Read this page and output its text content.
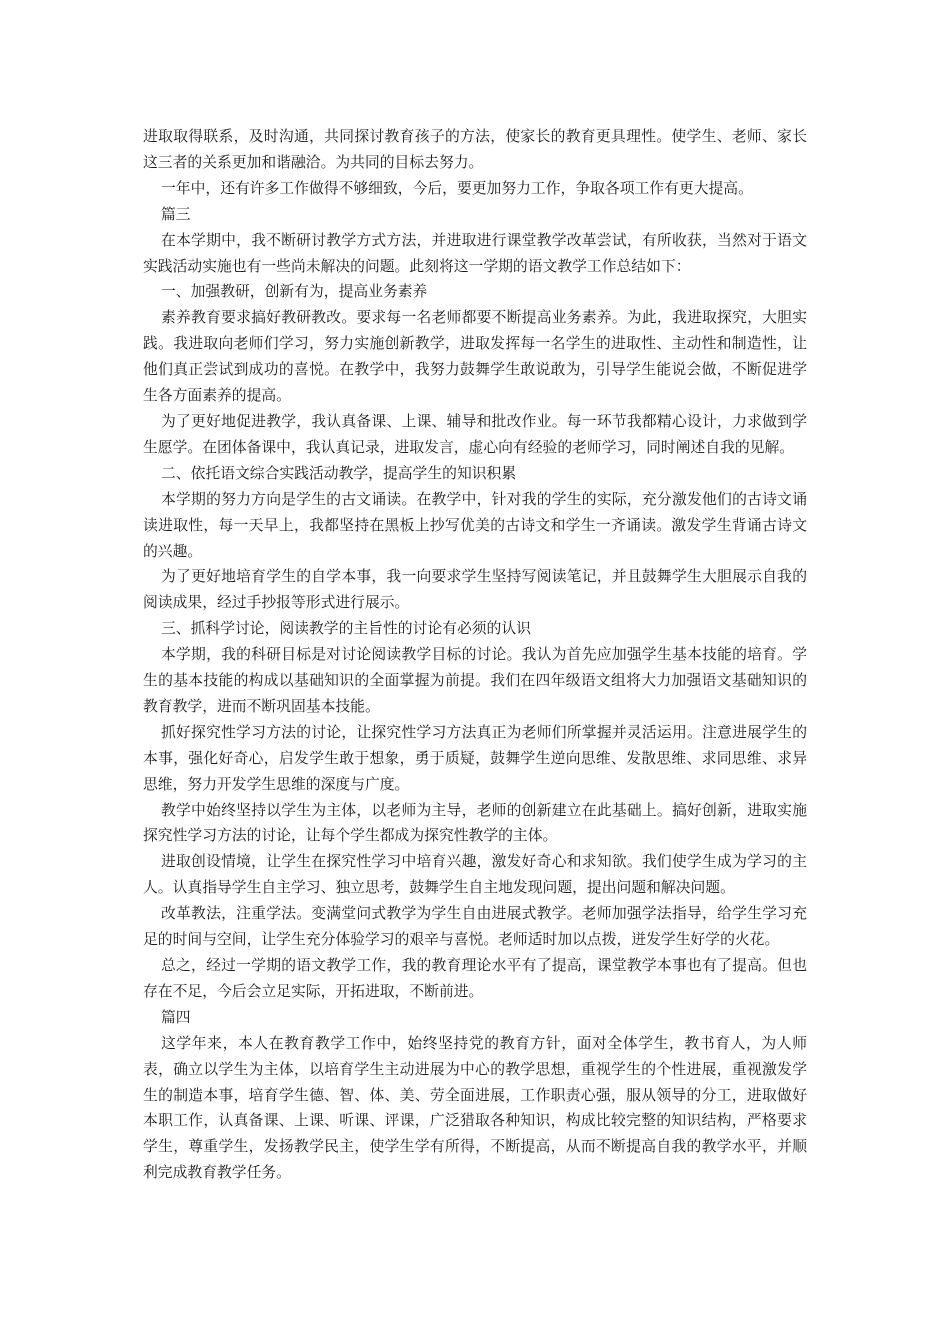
进取取得联系，及时沟通，共同探讨教育孩子的方法，使家长的教育更具理性。使学生、老师、家长这三者的关系更加和谐融洽。为共同的目标去努力。

一年中，还有许多工作做得不够细致，今后，要更加努力工作，争取各项工作有更大提高。

篇三

在本学期中，我不断研讨教学方式方法，并进取进行课堂教学改革尝试，有所收获，当然对于语文实践活动实施也有一些尚未解决的问题。此刻将这一学期的语文教学工作总结如下：

一、加强教研，创新有为，提高业务素养

素养教育要求搞好教研教改。要求每一名老师都要不断提高业务素养。为此，我进取探究，大胆实践。我进取向老师们学习，努力实施创新教学，进取发挥每一名学生的进取性、主动性和制造性，让他们真正尝试到成功的喜悦。在教学中，我努力鼓舞学生敢说敢为，引导学生能说会做，不断促进学生各方面素养的提高。

为了更好地促进教学，我认真备课、上课、辅导和批改作业。每一环节我都精心设计，力求做到学生愿学。在团体备课中，我认真记录，进取发言，虚心向有经验的老师学习，同时阐述自我的见解。

二、依托语文综合实践活动教学，提高学生的知识积累

本学期的努力方向是学生的古文诵读。在教学中，针对我的学生的实际，充分激发他们的古诗文诵读进取性，每一天早上，我都坚持在黑板上抄写优美的古诗文和学生一齐诵读。激发学生背诵古诗文的兴趣。

为了更好地培育学生的自学本事，我一向要求学生坚持写阅读笔记，并且鼓舞学生大胆展示自我的阅读成果，经过手抄报等形式进行展示。

三、抓科学讨论，阅读教学的主旨性的讨论有必须的认识

本学期，我的科研目标是对讨论阅读教学目标的讨论。我认为首先应加强学生基本技能的培育。学生的基本技能的构成以基础知识的全面掌握为前提。我们在四年级语文组将大力加强语文基础知识的教育教学，进而不断巩固基本技能。

抓好探究性学习方法的讨论，让探究性学习方法真正为老师们所掌握并灵活运用。注意进展学生的本事，强化好奇心，启发学生敢于想象，勇于质疑，鼓舞学生逆向思维、发散思维、求同思维、求异思维，努力开发学生思维的深度与广度。

教学中始终坚持以学生为主体，以老师为主导，老师的创新建立在此基础上。搞好创新，进取实施探究性学习方法的讨论，让每个学生都成为探究性教学的主体。

进取创设情境，让学生在探究性学习中培育兴趣，激发好奇心和求知欲。我们使学生成为学习的主人。认真指导学生自主学习、独立思考，鼓舞学生自主地发现问题，提出问题和解决问题。

改革教法，注重学法。变满堂问式教学为学生自由进展式教学。老师加强学法指导，给学生学习充足的时间与空间，让学生充分体验学习的艰辛与喜悦。老师适时加以点拨，迸发学生好学的火花。

总之，经过一学期的语文教学工作，我的教育理论水平有了提高，课堂教学本事也有了提高。但也存在不足，今后会立足实际，开拓进取，不断前进。

篇四

这学年来，本人在教育教学工作中，始终坚持党的教育方针，面对全体学生，教书育人，为人师表，确立以学生为主体，以培育学生主动进展为中心的教学思想，重视学生的个性进展，重视激发学生的制造本事，培育学生德、智、体、美、劳全面进展，工作职责心强，服从领导的分工，进取做好本职工作，认真备课、上课、听课、评课，广泛猎取各种知识，构成比较完整的知识结构，严格要求学生，尊重学生，发扬教学民主，使学生学有所得，不断提高，从而不断提高自我的教学水平，并顺利完成教育教学任务。
